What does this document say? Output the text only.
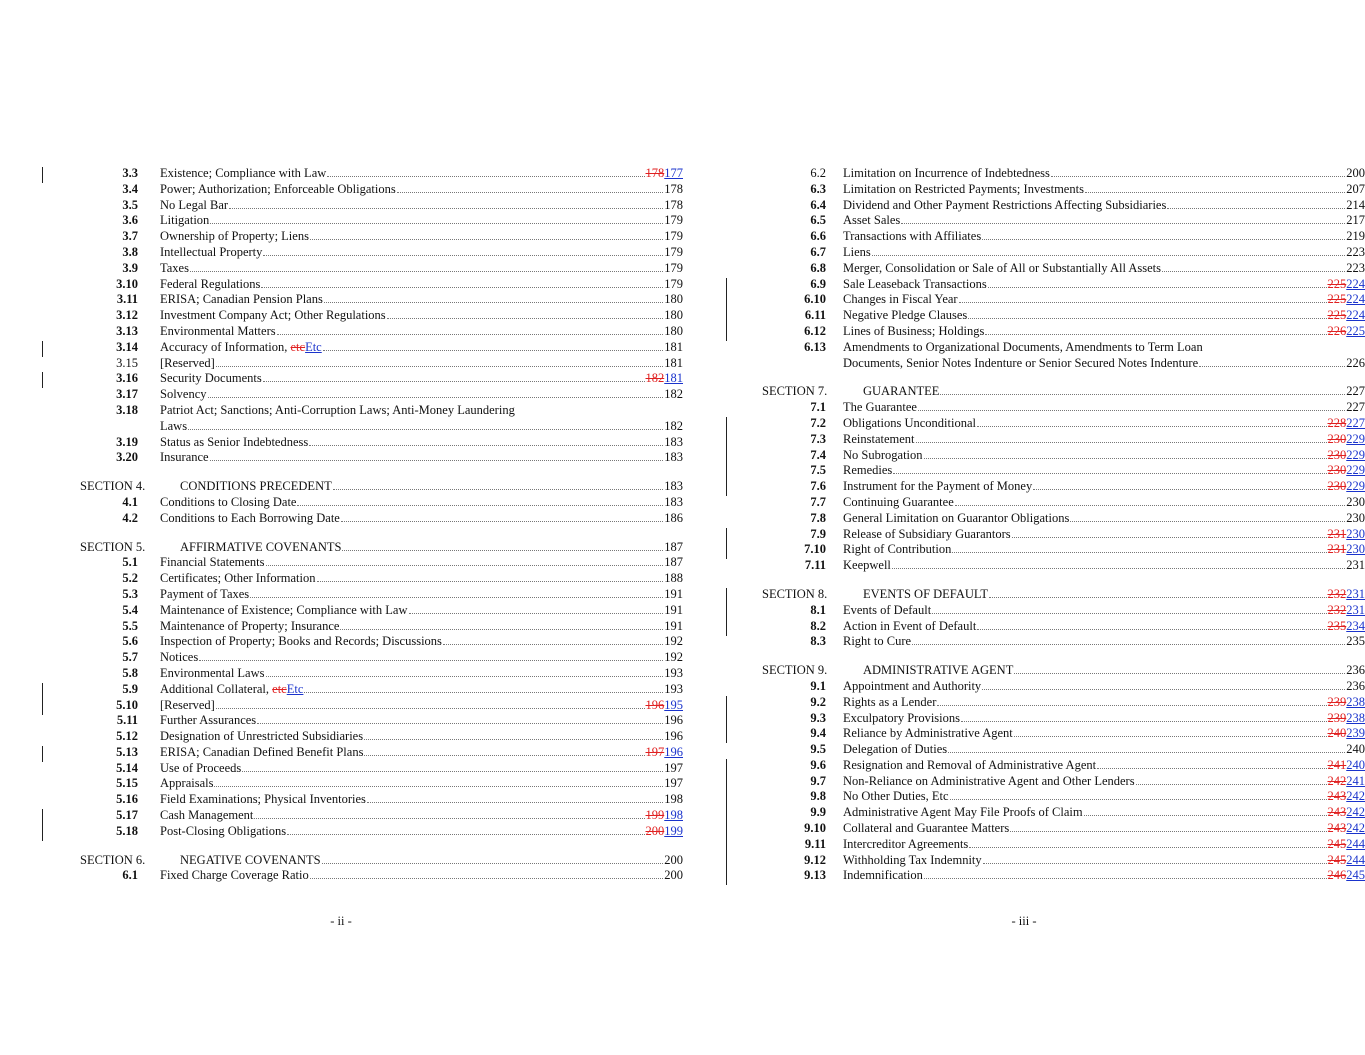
3.3 Existence; Compliance with Law	178177
3.4 Power; Authorization; Enforceable Obligations	178
3.5 No Legal Bar	178
3.6 Litigation	179
3.7 Ownership of Property; Liens	179
3.8 Intellectual Property	179
3.9 Taxes	179
3.10 Federal Regulations	179
3.11 ERISA; Canadian Pension Plans	180
3.12 Investment Company Act; Other Regulations	180
3.13 Environmental Matters	180
3.14 Accuracy of Information, etcEtc	181
3.15 [Reserved]	181
3.16 Security Documents	182181
3.17 Solvency	182
3.18 Patriot Act; Sanctions; Anti-Corruption Laws; Anti-Money Laundering
Laws	182
3.19 Status as Senior Indebtedness	183
3.20 Insurance	183
SECTION 4.	CONDITIONS PRECEDENT	183
4.1 Conditions to Closing Date	183
4.2 Conditions to Each Borrowing Date	186
SECTION 5.	AFFIRMATIVE COVENANTS	187
5.1 Financial Statements	187
5.2 Certificates; Other Information	188
5.3 Payment of Taxes	191
5.4 Maintenance of Existence; Compliance with Law	191
5.5 Maintenance of Property; Insurance	191
5.6 Inspection of Property; Books and Records; Discussions	192
5.7 Notices	192
5.8 Environmental Laws	193
5.9 Additional Collateral, etcEtc	193
5.10 [Reserved]	196195
5.11 Further Assurances	196
5.12 Designation of Unrestricted Subsidiaries	196
5.13 ERISA; Canadian Defined Benefit Plans	197196
5.14 Use of Proceeds	197
5.15 Appraisals	197
5.16 Field Examinations; Physical Inventories	198
5.17 Cash Management	199198
5.18 Post-Closing Obligations	200199
SECTION 6.	NEGATIVE COVENANTS	200
6.1 Fixed Charge Coverage Ratio	200
- ii -
6.2 Limitation on Incurrence of Indebtedness	200
6.3 Limitation on Restricted Payments; Investments	207
6.4 Dividend and Other Payment Restrictions Affecting Subsidiaries	214
6.5 Asset Sales	217
6.6 Transactions with Affiliates	219
6.7 Liens	223
6.8 Merger, Consolidation or Sale of All or Substantially All Assets	223
6.9 Sale Leaseback Transactions	225224
6.10 Changes in Fiscal Year	225224
6.11 Negative Pledge Clauses	225224
6.12 Lines of Business; Holdings	226225
6.13 Amendments to Organizational Documents, Amendments to Term Loan
Documents, Senior Notes Indenture or Senior Secured Notes Indenture	226
SECTION 7.	GUARANTEE	227
7.1 The Guarantee	227
7.2 Obligations Unconditional	228227
7.3 Reinstatement	230229
7.4 No Subrogation	230229
7.5 Remedies	230229
7.6 Instrument for the Payment of Money	230229
7.7 Continuing Guarantee	230
7.8 General Limitation on Guarantor Obligations	230
7.9 Release of Subsidiary Guarantors	231230
7.10 Right of Contribution	231230
7.11 Keepwell	231
SECTION 8.	EVENTS OF DEFAULT	232231
8.1 Events of Default	232231
8.2 Action in Event of Default	235234
8.3 Right to Cure	235
SECTION 9.	ADMINISTRATIVE AGENT	236
9.1 Appointment and Authority	236
9.2 Rights as a Lender	239238
9.3 Exculpatory Provisions	239238
9.4 Reliance by Administrative Agent	240239
9.5 Delegation of Duties	240
9.6 Resignation and Removal of Administrative Agent	241240
9.7 Non-Reliance on Administrative Agent and Other Lenders	242241
9.8 No Other Duties, Etc	243242
9.9 Administrative Agent May File Proofs of Claim	243242
9.10 Collateral and Guarantee Matters	243242
9.11 Intercreditor Agreements	245244
9.12 Withholding Tax Indemnity	245244
9.13 Indemnification	246245
- iii -
